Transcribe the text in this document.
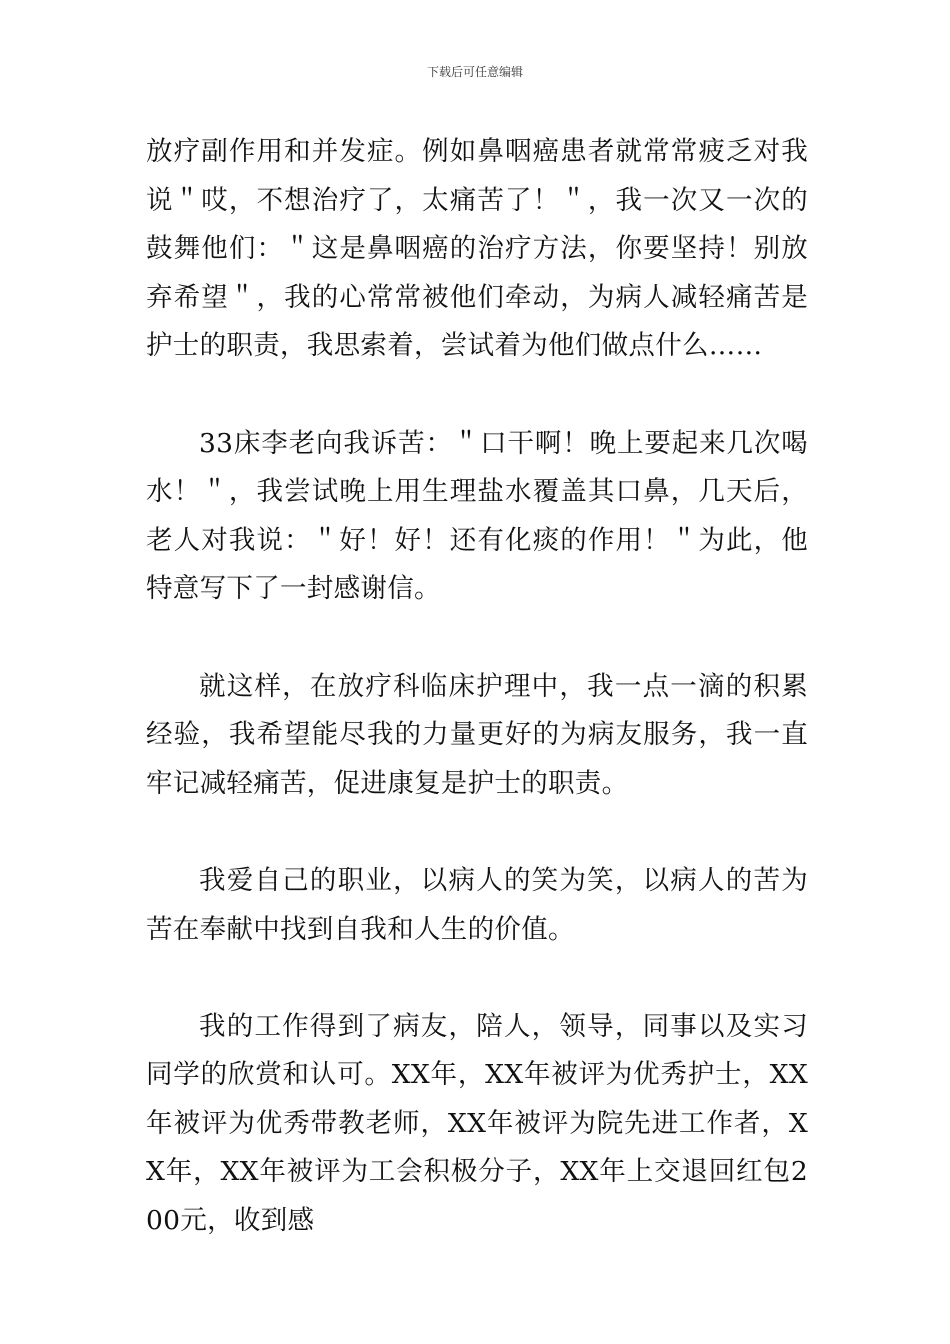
下载后可任意编辑

放疗副作用和并发症。例如鼻咽癌患者就常常疲乏对我说＂哎，不想治疗了，太痛苦了！＂，我一次又一次的鼓舞他们：＂这是鼻咽癌的治疗方法，你要坚持！别放弃希望＂，我的心常常被他们牵动，为病人减轻痛苦是护士的职责，我思索着，尝试着为他们做点什么……

33床李老向我诉苦：＂口干啊！晚上要起来几次喝水！＂，我尝试晚上用生理盐水覆盖其口鼻，几天后，老人对我说：＂好！好！还有化痰的作用！＂为此，他特意写下了一封感谢信。

就这样，在放疗科临床护理中，我一点一滴的积累经验，我希望能尽我的力量更好的为病友服务，我一直牢记减轻痛苦，促进康复是护士的职责。

我爱自己的职业，以病人的笑为笑，以病人的苦为苦在奉献中找到自我和人生的价值。

我的工作得到了病友，陪人，领导，同事以及实习同学的欣赏和认可。XX年，XX年被评为优秀护士，XX年被评为优秀带教老师，XX年被评为院先进工作者，XX年，XX年被评为工会积极分子，XX年上交退回红包200元，收到感
